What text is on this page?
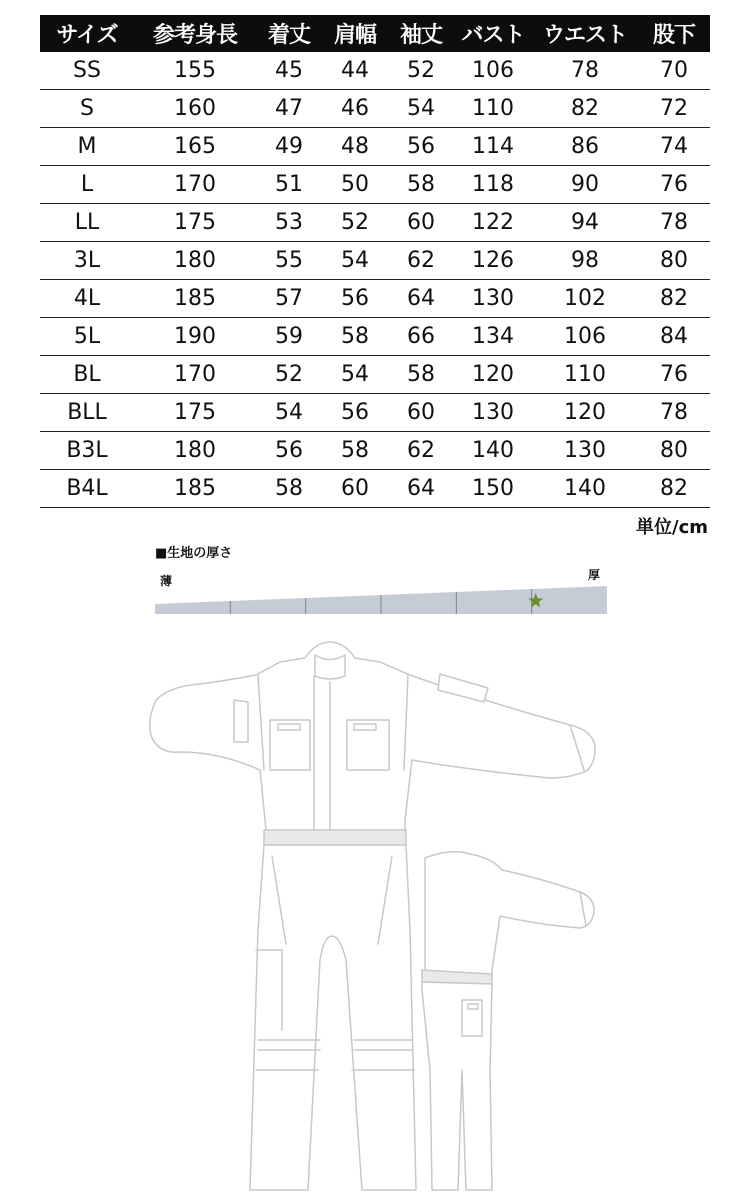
サイズ	参考身長	着丈	肩幅	袖丈	バスト	ウエスト	股下
SS	155	45	44	52	106	78	70
S	160	47	46	54	110	82	72
M	165	49	48	56	114	86	74
L	170	51	50	58	118	90	76
LL	175	53	52	60	122	94	78
3L	180	55	54	62	126	98	80
4L	185	57	56	64	130	102	82
5L	190	59	58	66	134	106	84
BL	170	52	54	58	120	110	76
BLL	175	54	56	60	130	120	78
B3L	180	56	58	62	140	130	80
B4L	185	58	60	64	150	140	82
単位/cm
■生地の厚さ
薄	厚
